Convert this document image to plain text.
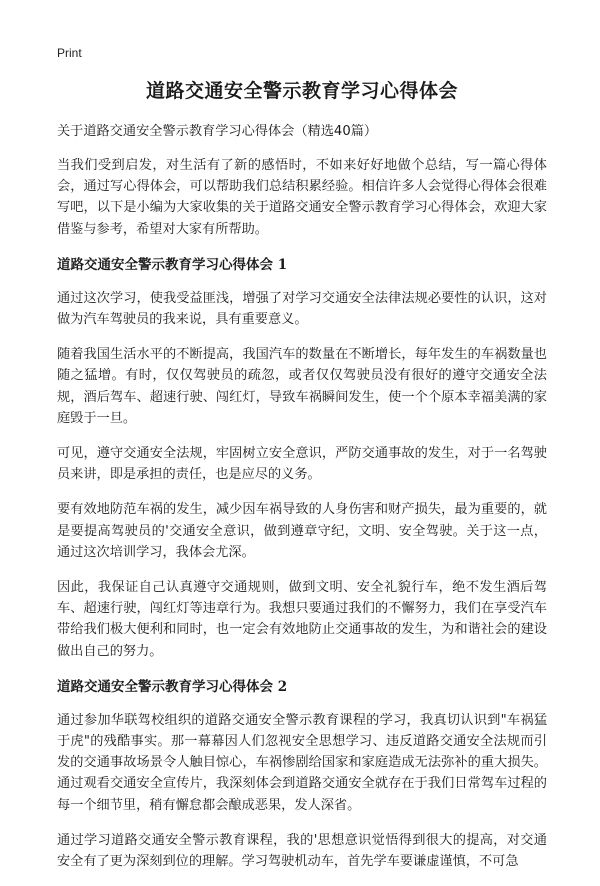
Print
道路交通安全警示教育学习心得体会
关于道路交通安全警示教育学习心得体会（精选40篇）

当我们受到启发，对生活有了新的感悟时，不如来好好地做个总结，写一篇心得体会，通过写心得体会，可以帮助我们总结积累经验。相信许多人会觉得心得体会很难写吧，以下是小编为大家收集的关于道路交通安全警示教育学习心得体会，欢迎大家借鉴与参考，希望对大家有所帮助。

道路交通安全警示教育学习心得体会 1

通过这次学习，使我受益匪浅，增强了对学习交通安全法律法规必要性的认识，这对做为汽车驾驶员的我来说，具有重要意义。

随着我国生活水平的不断提高，我国汽车的数量在不断增长，每年发生的车祸数量也随之猛增。有时，仅仅驾驶员的疏忽，或者仅仅驾驶员没有很好的遵守交通安全法规，酒后驾车、超速行驶、闯红灯，导致车祸瞬间发生，使一个个原本幸福美满的家庭毁于一旦。

可见，遵守交通安全法规，牢固树立安全意识，严防交通事故的发生，对于一名驾驶员来讲，即是承担的责任，也是应尽的义务。

要有效地防范车祸的发生，减少因车祸导致的人身伤害和财产损失，最为重要的，就是要提高驾驶员的'交通安全意识，做到遵章守纪，文明、安全驾驶。关于这一点，通过这次培训学习，我体会尤深。

因此，我保证自己认真遵守交通规则，做到文明、安全礼貌行车，绝不发生酒后驾车、超速行驶，闯红灯等违章行为。我想只要通过我们的不懈努力，我们在享受汽车带给我们极大便利和同时，也一定会有效地防止交通事故的发生，为和谐社会的建设做出自己的努力。

道路交通安全警示教育学习心得体会 2

通过参加华联驾校组织的道路交通安全警示教育课程的学习，我真切认识到"车祸猛于虎"的残酷事实。那一幕幕因人们忽视安全思想学习、违反道路交通安全法规而引发的交通事故场景令人触目惊心，车祸惨剧给国家和家庭造成无法弥补的重大损失。通过观看交通安全宣传片，我深刻体会到道路交通安全就存在于我们日常驾车过程的每一个细节里，稍有懈怠都会酿成恶果，发人深省。

通过学习道路交通安全警示教育课程，我的'思想意识觉悟得到很大的提高，对交通安全有了更为深刻到位的理解。学习驾驶机动车，首先学车要谦虚谨慎，不可急
